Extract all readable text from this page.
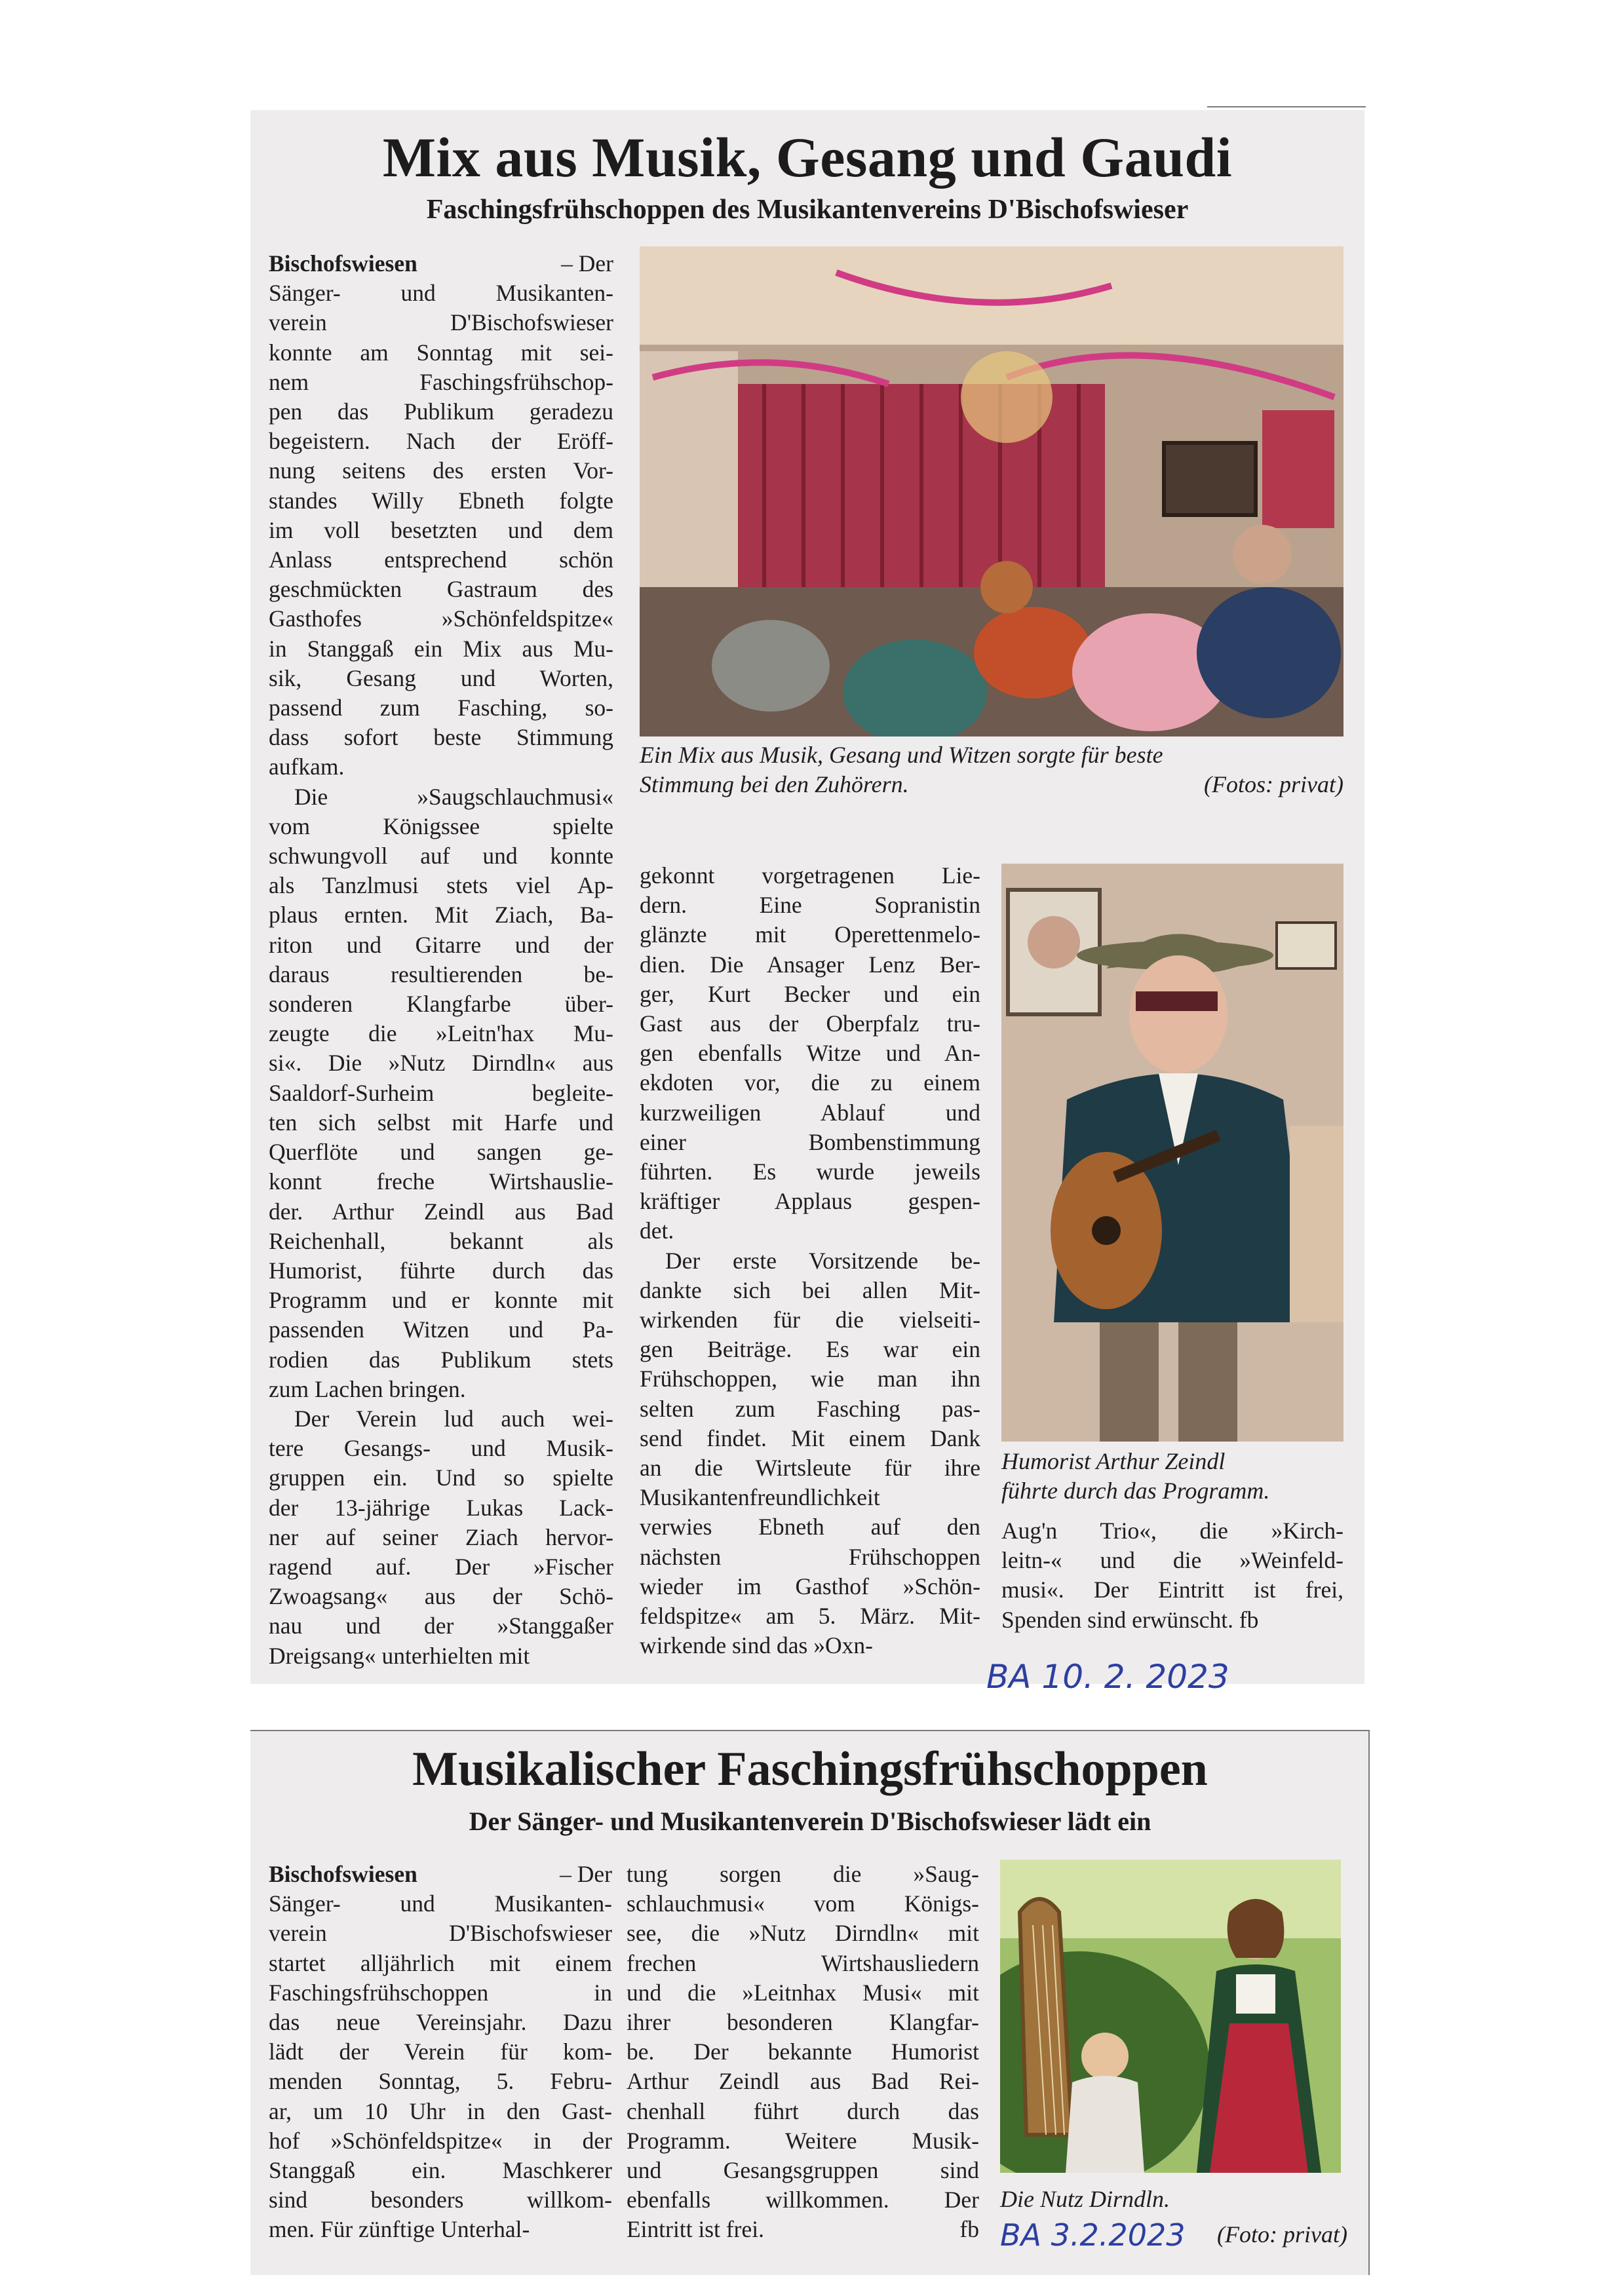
Mix aus Musik, Gesang und Gaudi
Faschingsfrühschoppen des Musikantenvereins D'Bischofswieser
Bischofswiesen	– Der
Sänger- und Musikanten-
verein D'Bischofswieser
konnte am Sonntag mit sei-
nem Faschingsfrühschop-
pen das Publikum geradezu
begeistern. Nach der Eröff-
nung seitens des ersten Vor-
standes Willy Ebneth folgte
im voll besetzten und dem
Anlass entsprechend schön
geschmückten Gastraum des
Gasthofes »Schönfeldspitze«
in Stanggaß ein Mix aus Mu-
sik, Gesang und Worten,
passend zum Fasching, so-
dass sofort beste Stimmung
aufkam.
Die »Saugschlauchmusi«
vom Königssee spielte
schwungvoll auf und konnte
als Tanzlmusi stets viel Ap-
plaus ernten. Mit Ziach, Ba-
riton und Gitarre und der
daraus resultierenden be-
sonderen Klangfarbe über-
zeugte die »Leitn'hax Mu-
si«. Die »Nutz Dirndln« aus
Saaldorf-Surheim begleite-
ten sich selbst mit Harfe und
Querflöte und sangen ge-
konnt freche Wirtshauslie-
der. Arthur Zeindl aus Bad
Reichenhall, bekannt als
Humorist, führte durch das
Programm und er konnte mit
passenden Witzen und Pa-
rodien das Publikum stets
zum Lachen bringen.
Der Verein lud auch wei-
tere Gesangs- und Musik-
gruppen ein. Und so spielte
der 13-jährige Lukas Lack-
ner auf seiner Ziach hervor-
ragend auf. Der »Fischer
Zwoagsang« aus der Schö-
nau und der »Stanggaßer
Dreigsang« unterhielten mit
Ein Mix aus Musik, Gesang und Witzen sorgte für beste
Stimmung bei den Zuhörern.	(Fotos: privat)
gekonnt vorgetragenen Lie-
dern. Eine Sopranistin
glänzte mit Operettenmelo-
dien. Die Ansager Lenz Ber-
ger, Kurt Becker und ein
Gast aus der Oberpfalz tru-
gen ebenfalls Witze und An-
ekdoten vor, die zu einem
kurzweiligen Ablauf und
einer Bombenstimmung
führten. Es wurde jeweils
kräftiger Applaus gespen-
det.
Der erste Vorsitzende be-
dankte sich bei allen Mit-
wirkenden für die vielseiti-
gen Beiträge. Es war ein
Frühschoppen, wie man ihn
selten zum Fasching pas-
send findet. Mit einem Dank
an die Wirtsleute für ihre
Musikantenfreundlichkeit
verwies Ebneth auf den
nächsten Frühschoppen
wieder im Gasthof »Schön-
feldspitze« am 5. März. Mit-
wirkende sind das »Oxn-
Humorist Arthur Zeindl
führte durch das Programm.
Aug'n Trio«, die »Kirch-
leitn-« und die »Weinfeld-
musi«. Der Eintritt ist frei,
Spenden sind erwünscht. fb
BA 10. 2. 2023
Musikalischer Faschingsfrühschoppen
Der Sänger- und Musikantenverein D'Bischofswieser lädt ein
Bischofswiesen	– Der
Sänger- und Musikanten-
verein D'Bischofswieser
startet alljährlich mit einem
Faschingsfrühschoppen in
das neue Vereinsjahr. Dazu
lädt der Verein für kom-
menden Sonntag, 5. Febru-
ar, um 10 Uhr in den Gast-
hof »Schönfeldspitze« in der
Stanggaß ein. Maschkerer
sind besonders willkom-
men. Für zünftige Unterhal-
tung sorgen die »Saug-
schlauchmusi« vom Königs-
see, die »Nutz Dirndln« mit
frechen Wirtshausliedern
und die »Leitnhax Musi« mit
ihrer besonderen Klangfar-
be. Der bekannte Humorist
Arthur Zeindl aus Bad Rei-
chenhall führt durch das
Programm. Weitere Musik-
und Gesangsgruppen sind
ebenfalls willkommen. Der
Eintritt ist frei.	fb
Die Nutz Dirndln.
BA 3.2.2023	(Foto: privat)
